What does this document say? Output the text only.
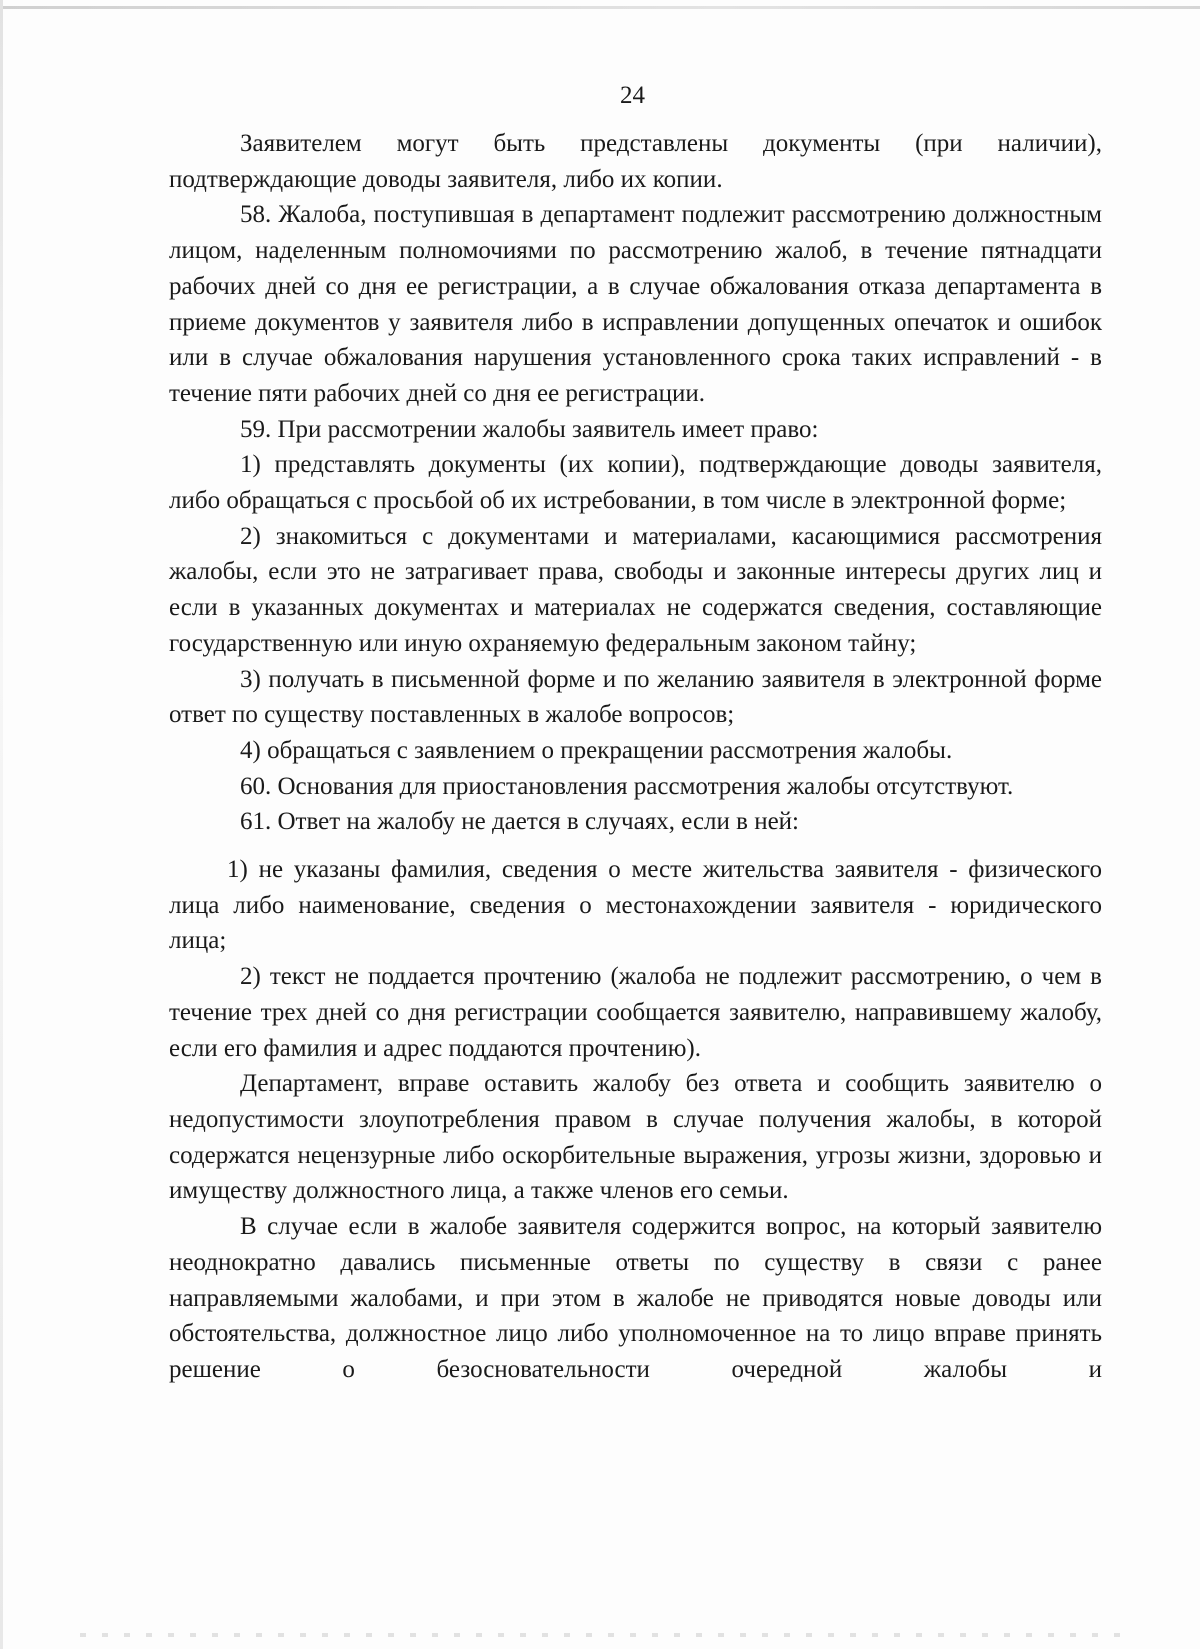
24

Заявителем могут быть представлены документы (при наличии), подтверждающие доводы заявителя, либо их копии.

58. Жалоба, поступившая в департамент подлежит рассмотрению должностным лицом, наделенным полномочиями по рассмотрению жалоб, в течение пятнадцати рабочих дней со дня ее регистрации, а в случае обжалования отказа департамента в приеме документов у заявителя либо в исправлении допущенных опечаток и ошибок или в случае обжалования нарушения установленного срока таких исправлений - в течение пяти рабочих дней со дня ее регистрации.

59. При рассмотрении жалобы заявитель имеет право:

1) представлять документы (их копии), подтверждающие доводы заявителя, либо обращаться с просьбой об их истребовании, в том числе в электронной форме;

2) знакомиться с документами и материалами, касающимися рассмотрения жалобы, если это не затрагивает права, свободы и законные интересы других лиц и если в указанных документах и материалах не содержатся сведения, составляющие государственную или иную охраняемую федеральным законом тайну;

3) получать в письменной форме и по желанию заявителя в электронной форме ответ по существу поставленных в жалобе вопросов;

4) обращаться с заявлением о прекращении рассмотрения жалобы.

60. Основания для приостановления рассмотрения жалобы отсутствуют.

61. Ответ на жалобу не дается в случаях, если в ней:

1) не указаны фамилия, сведения о месте жительства заявителя - физического лица либо наименование, сведения о местонахождении заявителя - юридического лица;

2) текст не поддается прочтению (жалоба не подлежит рассмотрению, о чем в течение трех дней со дня регистрации сообщается заявителю, направившему жалобу, если его фамилия и адрес поддаются прочтению).

Департамент, вправе оставить жалобу без ответа и сообщить заявителю о недопустимости злоупотребления правом в случае получения жалобы, в которой содержатся нецензурные либо оскорбительные выражения, угрозы жизни, здоровью и имуществу должностного лица, а также членов его семьи.

В случае если в жалобе заявителя содержится вопрос, на который заявителю неоднократно давались письменные ответы по существу в связи с ранее направляемыми жалобами, и при этом в жалобе не приводятся новые доводы или обстоятельства, должностное лицо либо уполномоченное на то лицо вправе принять решение о безосновательности очередной жалобы и
